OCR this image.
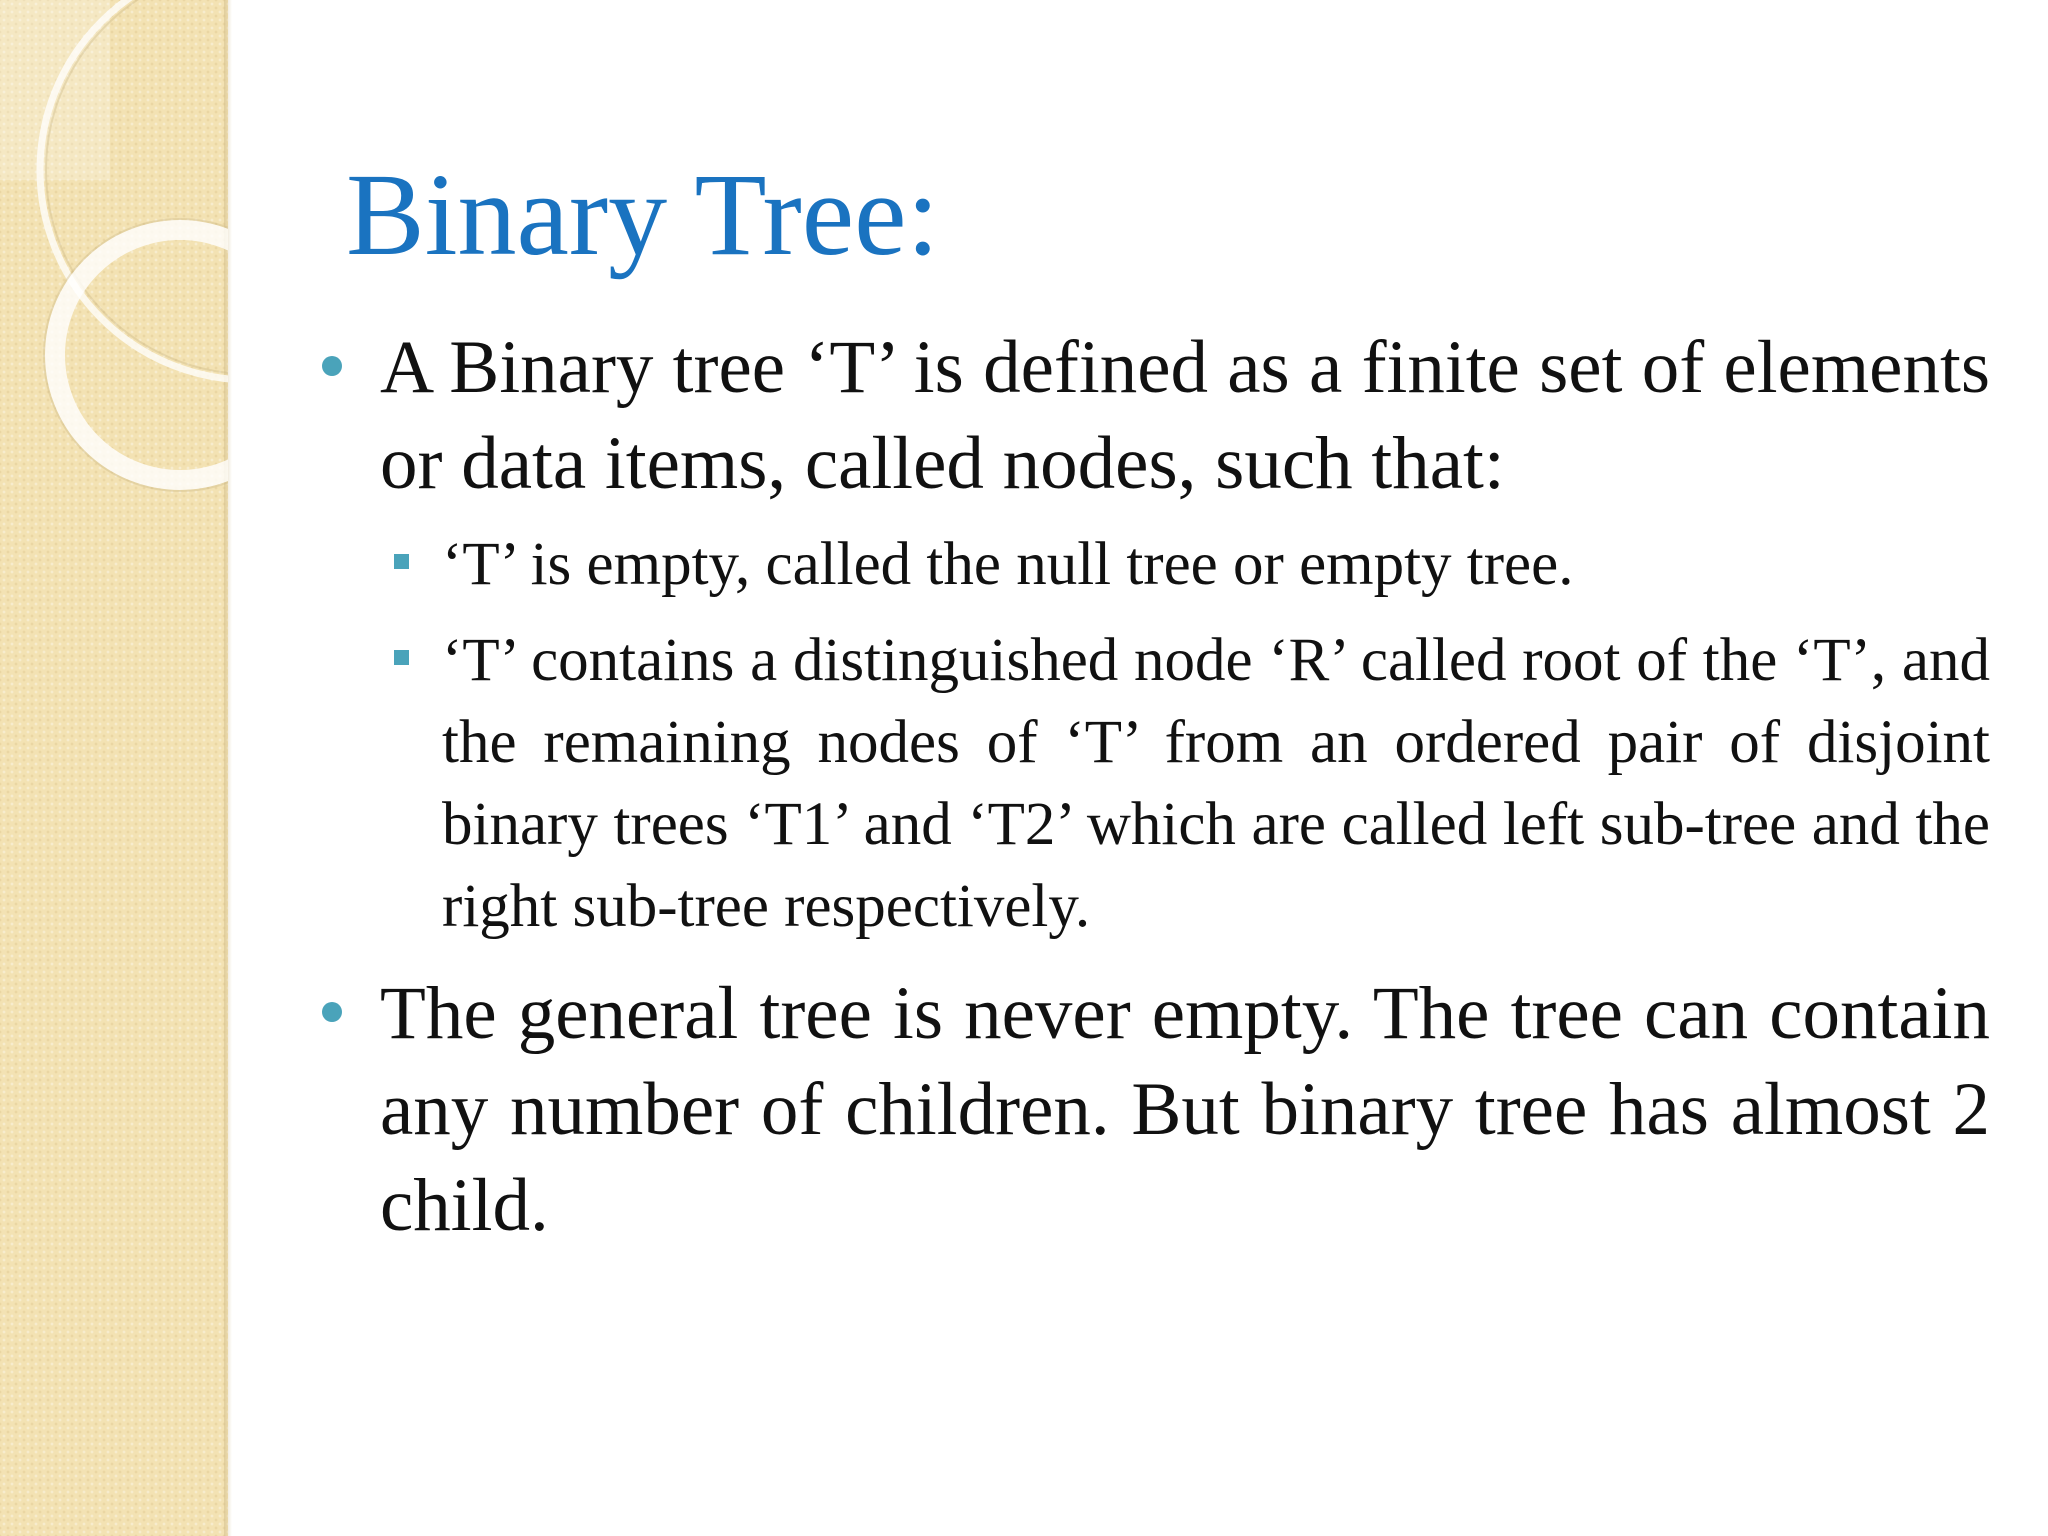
Binary Tree:
A Binary tree ‘T’ is defined as a finite set of elements or data items, called nodes, such that:
‘T’ is empty, called the null tree or empty tree.
‘T’ contains a distinguished node ‘R’ called root of the ‘T’, and the remaining nodes of ‘T’ from an ordered pair of disjoint binary trees ‘T1’ and ‘T2’ which are called left sub-tree and the right sub-tree respectively.
The general tree is never empty. The tree can contain any number of children. But binary tree has almost 2 child.
